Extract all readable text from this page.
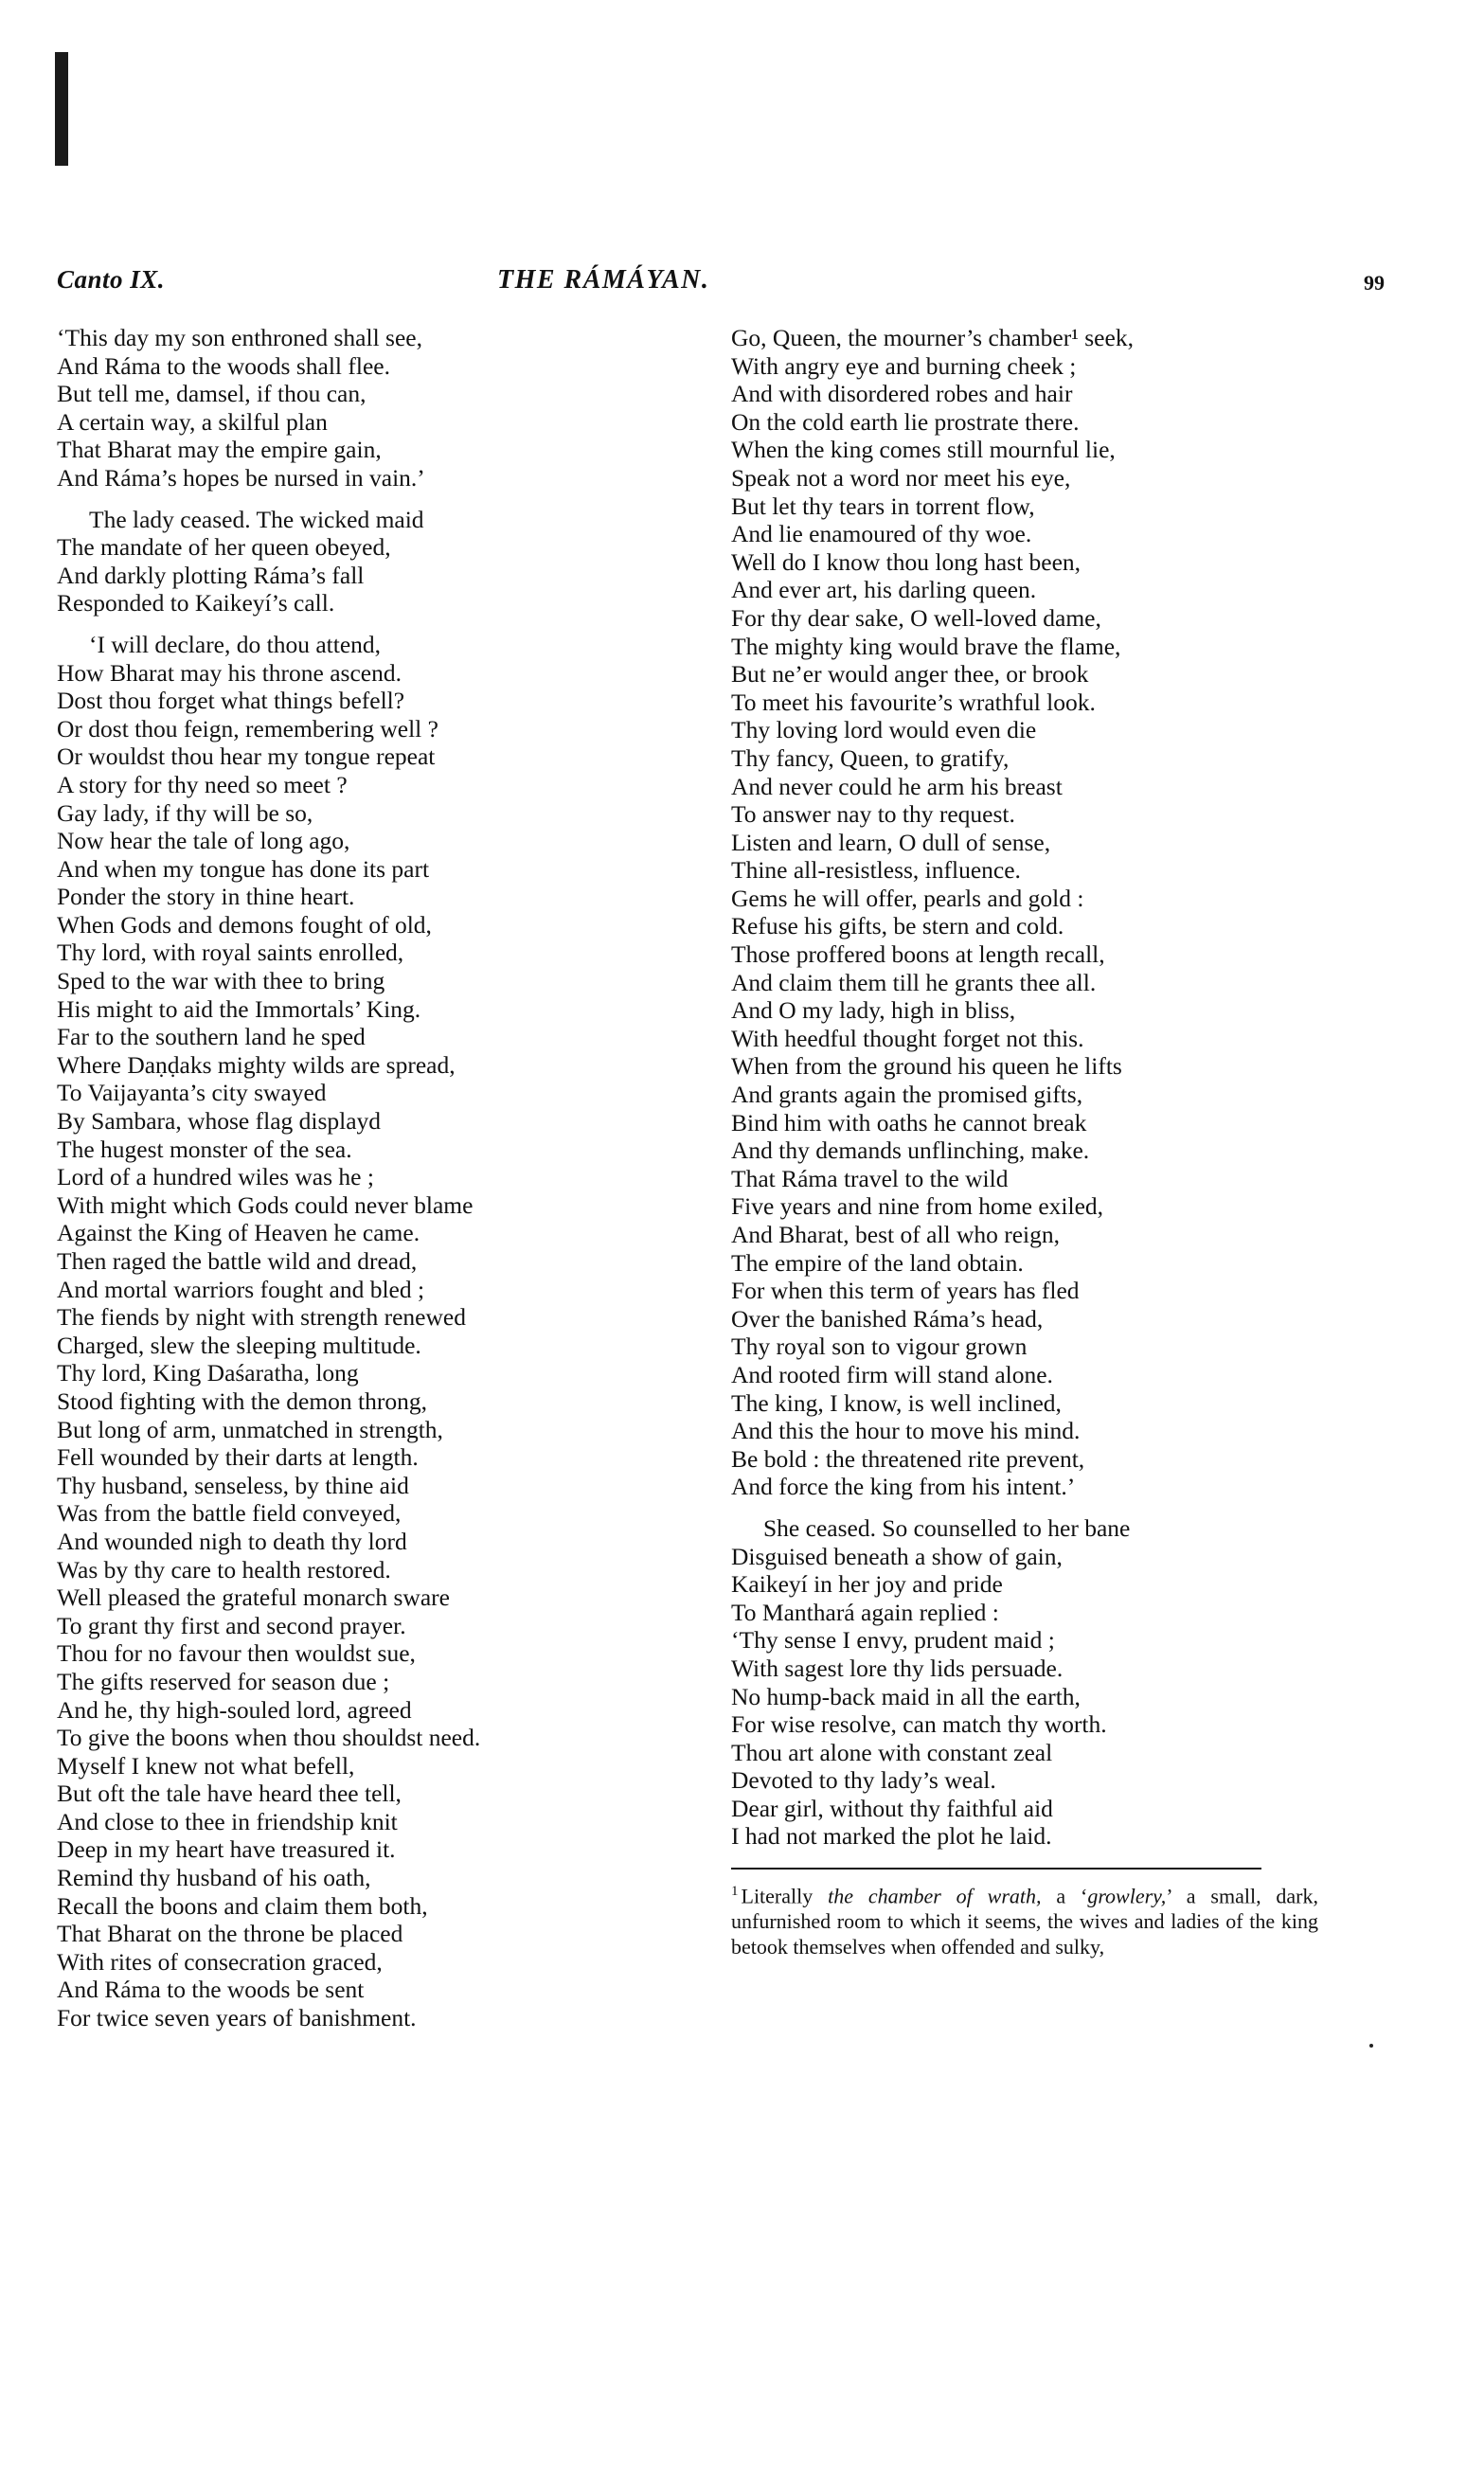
Canto IX.	THE RÁMÁYAN.	99
‘This day my son enthroned shall see,
And Ráma to the woods shall flee.
But tell me, damsel, if thou can,
A certain way, a skilful plan
That Bharat may the empire gain,
And Ráma’s hopes be nursed in vain.’
The lady ceased. The wicked maid
The mandate of her queen obeyed,
And darkly plotting Ráma’s fall
Responded to Kaikeyí’s call.
‘I will declare, do thou attend,
How Bharat may his throne ascend.
Dost thou forget what things befell?
Or dost thou feign, remembering well ?
Or wouldst thou hear my tongue repeat
A story for thy need so meet ?
Gay lady, if thy will be so,
Now hear the tale of long ago,
And when my tongue has done its part
Ponder the story in thine heart.
When Gods and demons fought of old,
Thy lord, with royal saints enrolled,
Sped to the war with thee to bring
His might to aid the Immortals’ King.
Far to the southern land he sped
Where Daṇḍaks mighty wilds are spread,
To Vaijayanta’s city swayed
By Sambara, whose flag displayd
The hugest monster of the sea.
Lord of a hundred wiles was he ;
With might which Gods could never blame
Against the King of Heaven he came.
Then raged the battle wild and dread,
And mortal warriors fought and bled ;
The fiends by night with strength renewed
Charged, slew the sleeping multitude.
Thy lord, King Daśaratha, long
Stood fighting with the demon throng,
But long of arm, unmatched in strength,
Fell wounded by their darts at length.
Thy husband, senseless, by thine aid
Was from the battle field conveyed,
And wounded nigh to death thy lord
Was by thy care to health restored.
Well pleased the grateful monarch sware
To grant thy first and second prayer.
Thou for no favour then wouldst sue,
The gifts reserved for season due ;
And he, thy high-souled lord, agreed
To give the boons when thou shouldst need.
Myself I knew not what befell,
But oft the tale have heard thee tell,
And close to thee in friendship knit
Deep in my heart have treasured it.
Remind thy husband of his oath,
Recall the boons and claim them both,
That Bharat on the throne be placed
With rites of consecration graced,
And Ráma to the woods be sent
For twice seven years of banishment.
Go, Queen, the mourner’s chamber¹ seek,
With angry eye and burning cheek ;
And with disordered robes and hair
On the cold earth lie prostrate there.
When the king comes still mournful lie,
Speak not a word nor meet his eye,
But let thy tears in torrent flow,
And lie enamoured of thy woe.
Well do I know thou long hast been,
And ever art, his darling queen.
For thy dear sake, O well-loved dame,
The mighty king would brave the flame,
But ne’er would anger thee, or brook
To meet his favourite’s wrathful look.
Thy loving lord would even die
Thy fancy, Queen, to gratify,
And never could he arm his breast
To answer nay to thy request.
Listen and learn, O dull of sense,
Thine all-resistless, influence.
Gems he will offer, pearls and gold :
Refuse his gifts, be stern and cold.
Those proffered boons at length recall,
And claim them till he grants thee all.
And O my lady, high in bliss,
With heedful thought forget not this.
When from the ground his queen he lifts
And grants again the promised gifts,
Bind him with oaths he cannot break
And thy demands unflinching, make.
That Ráma travel to the wild
Five years and nine from home exiled,
And Bharat, best of all who reign,
The empire of the land obtain.
For when this term of years has fled
Over the banished Ráma’s head,
Thy royal son to vigour grown
And rooted firm will stand alone.
The king, I know, is well inclined,
And this the hour to move his mind.
Be bold : the threatened rite prevent,
And force the king from his intent.’
She ceased. So counselled to her bane
Disguised beneath a show of gain,
Kaikeyí in her joy and pride
To Manthará again replied :
‘Thy sense I envy, prudent maid ;
With sagest lore thy lids persuade.
No hump-back maid in all the earth,
For wise resolve, can match thy worth.
Thou art alone with constant zeal
Devoted to thy lady’s weal.
Dear girl, without thy faithful aid
I had not marked the plot he laid.
$^1$ Literally the chamber of wrath, a ‘growlery,’ a small, dark, unfurnished room to which it seems, the wives and ladies of the king betook themselves when offended and sulky,
